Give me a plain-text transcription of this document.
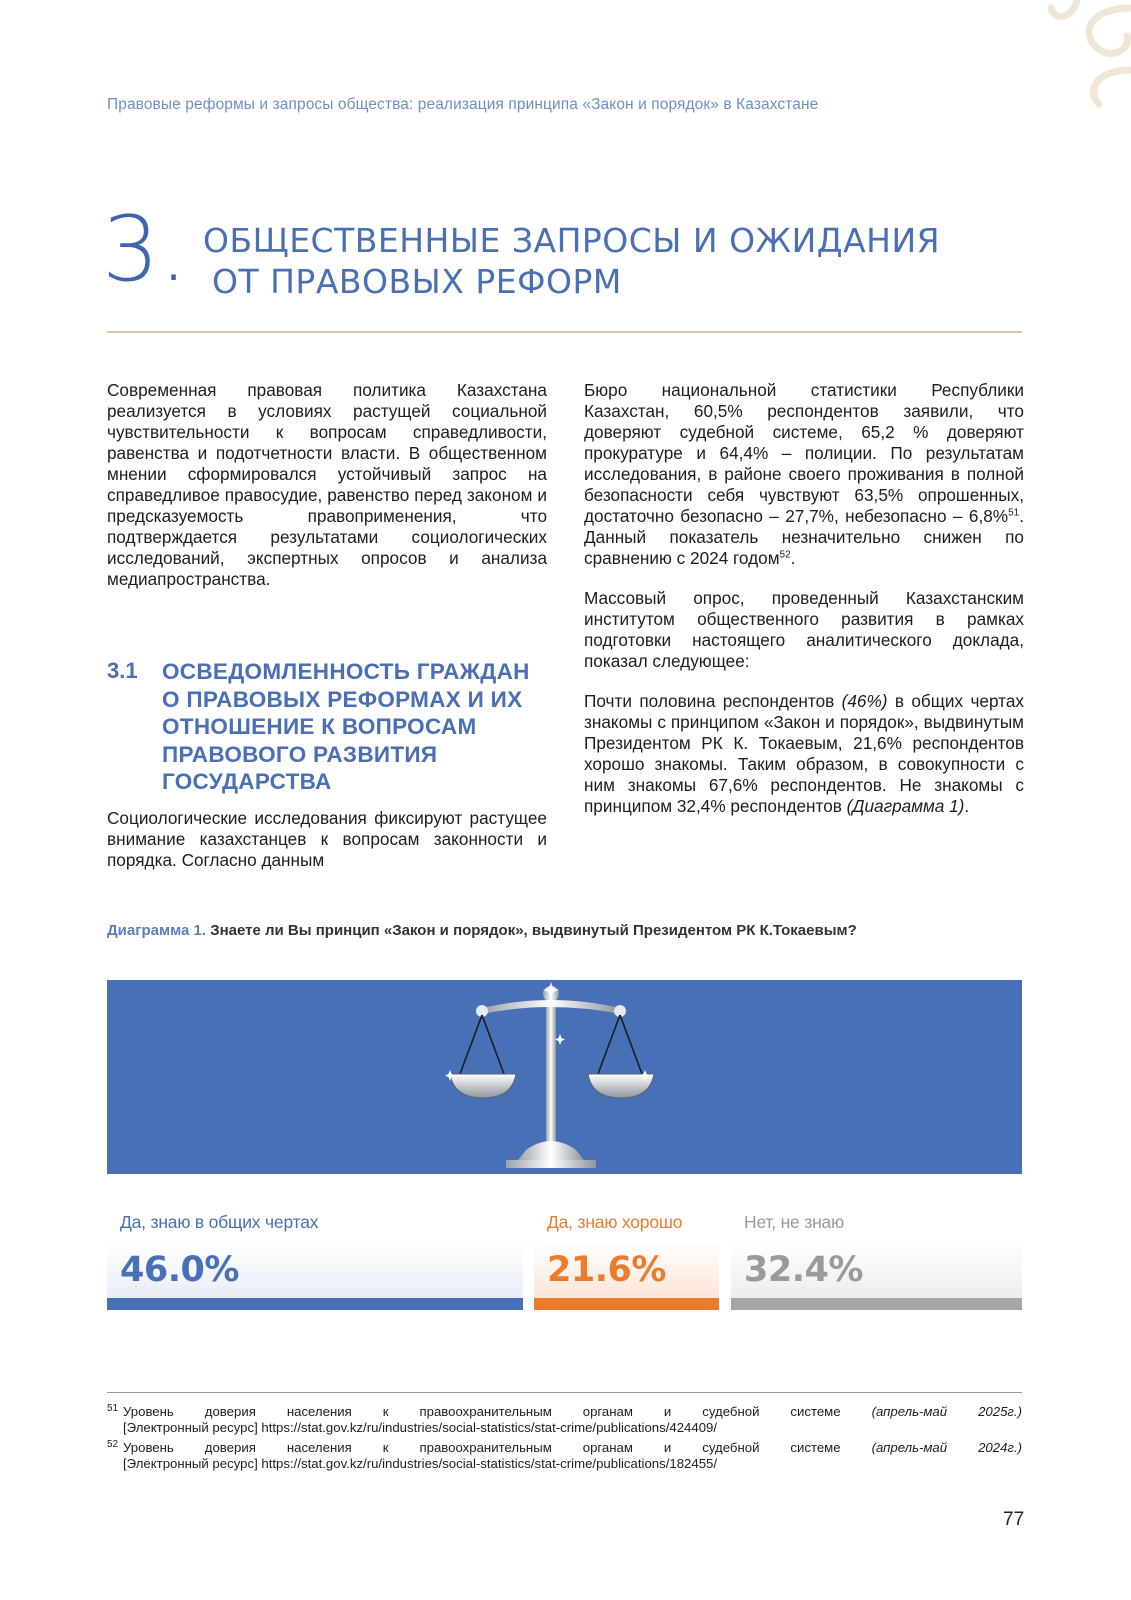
Правовые реформы и запросы общества: реализация принципа «Закон и порядок» в Казахстане
3. ОБЩЕСТВЕННЫЕ ЗАПРОСЫ И ОЖИДАНИЯ
ОТ ПРАВОВЫХ РЕФОРМ

Современная правовая политика Казахстана реализуется в условиях растущей социальной чувствительности к вопросам справедливости, равенства и подотчетности власти. В общественном мнении сформировался устойчивый запрос на справедливое правосудие, равенство перед законом и предсказуемость правоприменения, что подтверждается результатами социологических исследований, экспертных опросов и анализа медиапространства.

3.1 ОСВЕДОМЛЕННОСТЬ ГРАЖДАН О ПРАВОВЫХ РЕФОРМАХ И ИХ ОТНОШЕНИЕ К ВОПРОСАМ ПРАВОВОГО РАЗВИТИЯ ГОСУДАРСТВА

Социологические исследования фиксируют растущее внимание казахстанцев к вопросам законности и порядка. Согласно данным

Бюро национальной статистики Республики Казахстан, 60,5% респондентов заявили, что доверяют судебной системе, 65,2 % доверяют прокуратуре и 64,4% – полиции. По результатам исследования, в районе своего проживания в полной безопасности себя чувствуют 63,5% опрошенных, достаточно безопасно – 27,7%, небезопасно – 6,8%$^{51}$. Данный показатель незначительно снижен по сравнению с 2024 годом$^{52}$.

Массовый опрос, проведенный Казахстанским институтом общественного развития в рамках подготовки настоящего аналитического доклада, показал следующее:

Почти половина респондентов (46%) в общих чертах знакомы с принципом «Закон и порядок», выдвинутым Президентом РК К. Токаевым, 21,6% респондентов хорошо знакомы. Таким образом, в совокупности с ним знакомы 67,6% респондентов. Не знакомы с принципом 32,4% респондентов (Диаграмма 1).

Диаграмма 1. Знаете ли Вы принцип «Закон и порядок», выдвинутый Президентом РК К.Токаевым?
Да, знаю в общих чертах
46.0%
Да, знаю хорошо
21.6%
Нет, не знаю
32.4%
51 Уровень доверия населения к правоохранительным органам и судебной системе (апрель-май 2025г.)
[Электронный ресурс] https://stat.gov.kz/ru/industries/social-statistics/stat-crime/publications/424409/
52 Уровень доверия населения к правоохранительным органам и судебной системе (апрель-май 2024г.)
[Электронный ресурс] https://stat.gov.kz/ru/industries/social-statistics/stat-crime/publications/182455/
77
